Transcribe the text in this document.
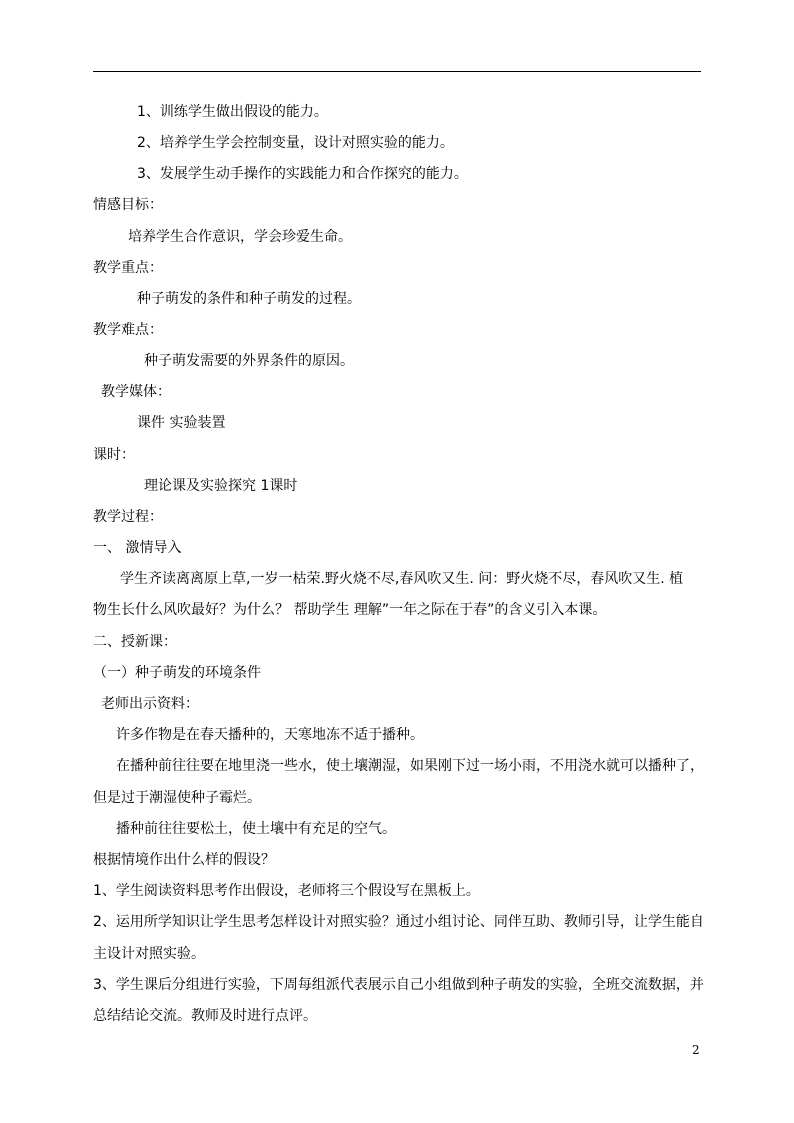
1、训练学生做出假设的能力。
2、培养学生学会控制变量，设计对照实验的能力。
3、发展学生动手操作的实践能力和合作探究的能力。
情感目标：
培养学生合作意识，学会珍爱生命。
教学重点：
种子萌发的条件和种子萌发的过程。
教学难点：
种子萌发需要的外界条件的原因。
教学媒体：
课件 实验装置
课时：
理论课及实验探究 1课时
教学过程：
一、 激情导入
学生齐读离离原上草,一岁一枯荣.野火烧不尽,春风吹又生. 问：野火烧不尽，春风吹又生. 植
物生长什么风吹最好？为什么？ 帮助学生 理解”一年之际在于春”的含义引入本课。
二、授新课：
（一）种子萌发的环境条件
老师出示资料：
许多作物是在春天播种的，天寒地冻不适于播种。
在播种前往往要在地里浇一些水，使土壤潮湿，如果刚下过一场小雨，不用浇水就可以播种了，
但是过于潮湿使种子霉烂。
播种前往往要松土，使土壤中有充足的空气。
根据情境作出什么样的假设？
1、学生阅读资料思考作出假设，老师将三个假设写在黑板上。
2、运用所学知识让学生思考怎样设计对照实验？通过小组讨论、同伴互助、教师引导，让学生能自
主设计对照实验。
3、学生课后分组进行实验，下周每组派代表展示自己小组做到种子萌发的实验，全班交流数据，并
总结结论交流。教师及时进行点评。
2
